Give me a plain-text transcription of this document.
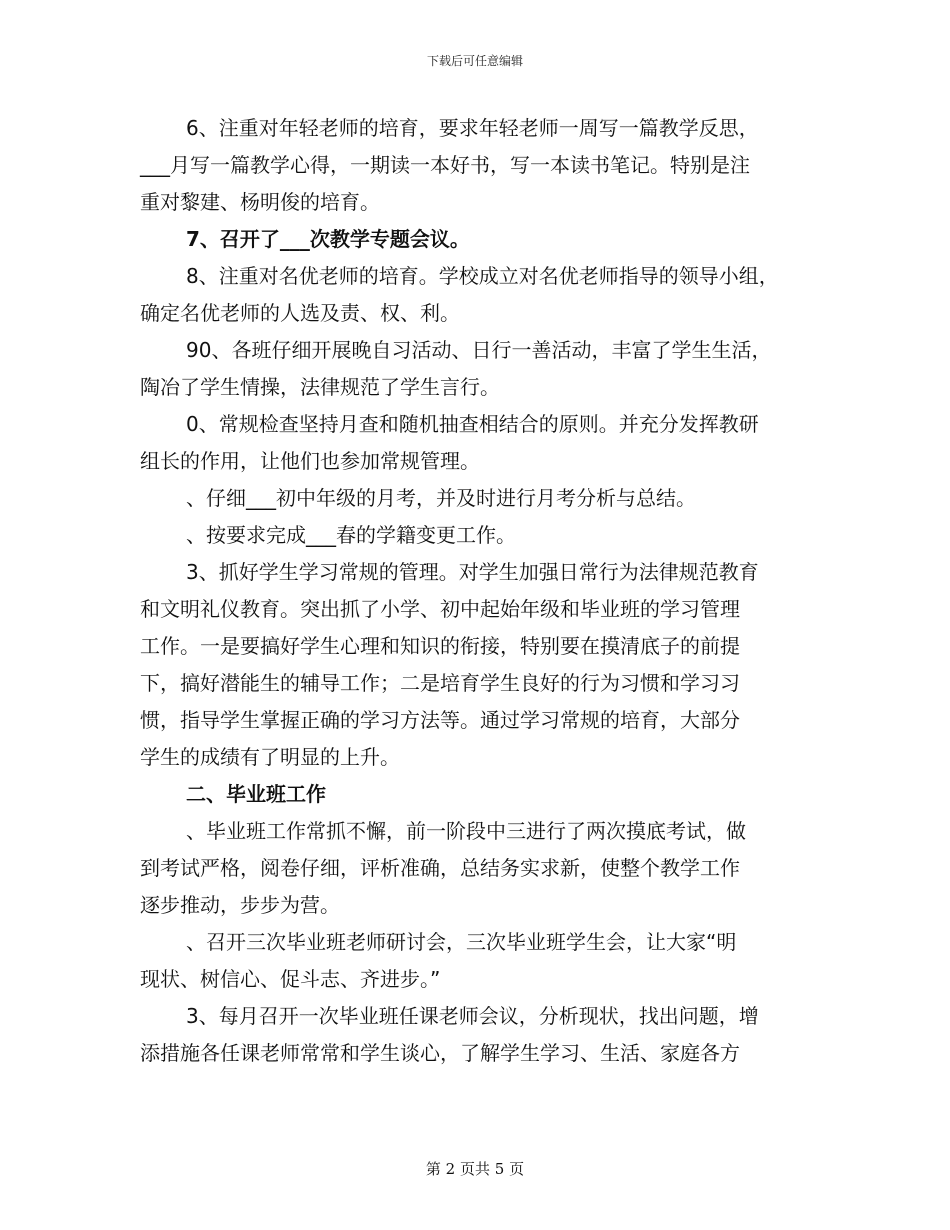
下载后可任意编辑
6、注重对年轻老师的培育，要求年轻老师一周写一篇教学反思，
___月写一篇教学心得，一期读一本好书，写一本读书笔记。特别是注
重对黎建、杨明俊的培育。
7、召开了___次教学专题会议。
8、注重对名优老师的培育。学校成立对名优老师指导的领导小组，
确定名优老师的人选及责、权、利。
90、各班仔细开展晚自习活动、日行一善活动，丰富了学生生活，
陶冶了学生情操，法律规范了学生言行。
0、常规检查坚持月查和随机抽查相结合的原则。并充分发挥教研
组长的作用，让他们也参加常规管理。
、仔细___初中年级的月考，并及时进行月考分析与总结。
、按要求完成___春的学籍变更工作。
3、抓好学生学习常规的管理。对学生加强日常行为法律规范教育
和文明礼仪教育。突出抓了小学、初中起始年级和毕业班的学习管理
工作。一是要搞好学生心理和知识的衔接，特别要在摸清底子的前提
下，搞好潜能生的辅导工作；二是培育学生良好的行为习惯和学习习
惯，指导学生掌握正确的学习方法等。通过学习常规的培育，大部分
学生的成绩有了明显的上升。
二、毕业班工作
、毕业班工作常抓不懈，前一阶段中三进行了两次摸底考试，做
到考试严格，阅卷仔细，评析准确，总结务实求新，使整个教学工作
逐步推动，步步为营。
、召开三次毕业班老师研讨会，三次毕业班学生会，让大家“明
现状、树信心、促斗志、齐进步。”
3、每月召开一次毕业班任课老师会议，分析现状，找出问题，增
添措施各任课老师常常和学生谈心，了解学生学习、生活、家庭各方
第 2 页共 5 页
